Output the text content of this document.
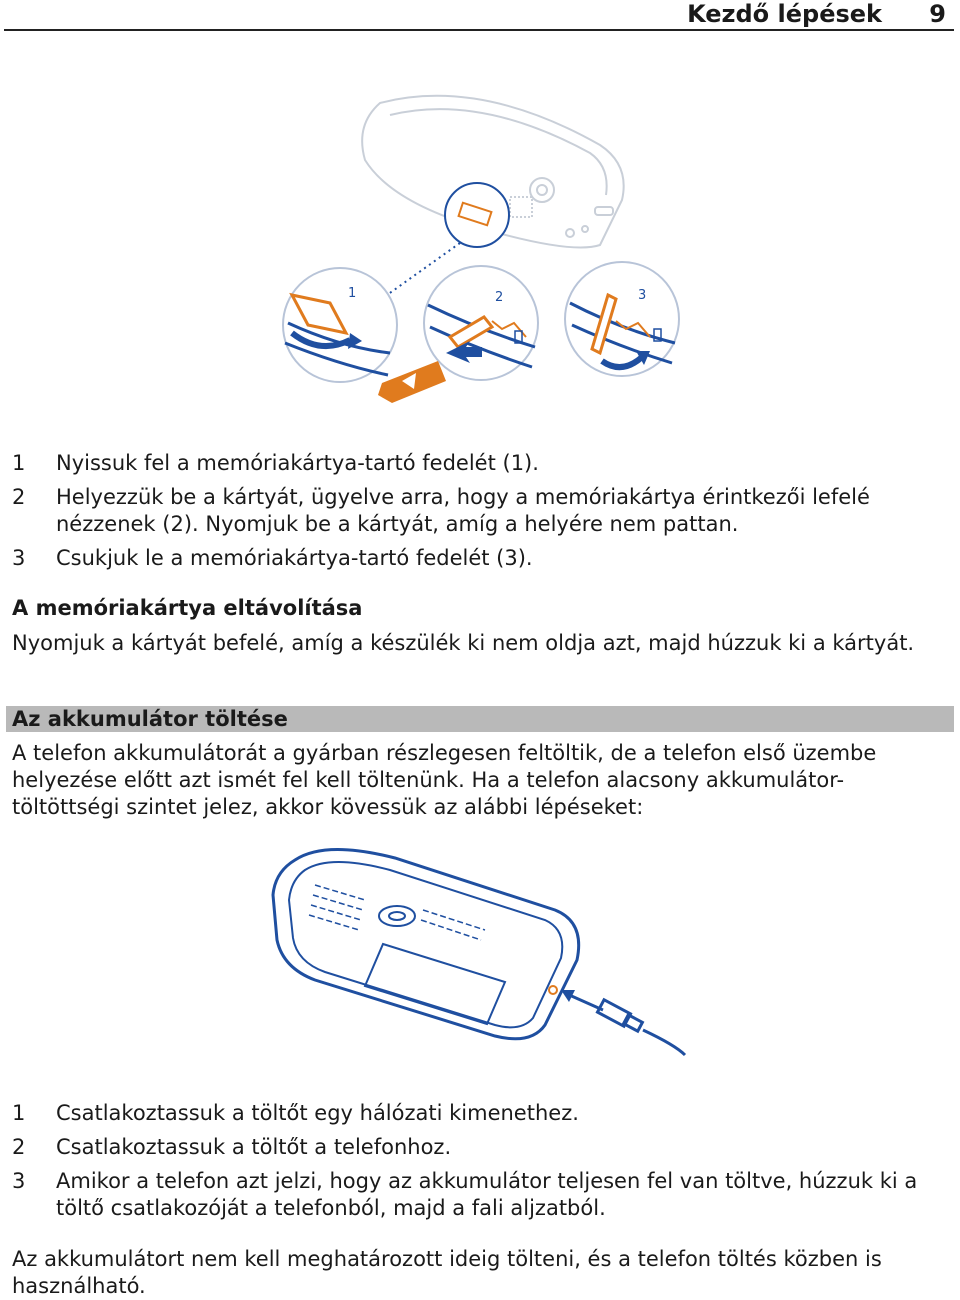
Kezdő lépések 9
1	2	3
1 Nyissuk fel a memóriakártya-tartó fedelét (1).
2 Helyezzük be a kártyát, ügyelve arra, hogy a memóriakártya érintkezői lefelé nézzenek (2). Nyomjuk be a kártyát, amíg a helyére nem pattan.
3 Csukjuk le a memóriakártya-tartó fedelét (3).
A memóriakártya eltávolítása
Nyomjuk a kártyát befelé, amíg a készülék ki nem oldja azt, majd húzzuk ki a kártyát.
Az akkumulátor töltése
A telefon akkumulátorát a gyárban részlegesen feltöltik, de a telefon első üzembe helyezése előtt azt ismét fel kell töltenünk. Ha a telefon alacsony akkumulátor-töltöttségi szintet jelez, akkor kövessük az alábbi lépéseket:
1 Csatlakoztassuk a töltőt egy hálózati kimenethez.
2 Csatlakoztassuk a töltőt a telefonhoz.
3 Amikor a telefon azt jelzi, hogy az akkumulátor teljesen fel van töltve, húzzuk ki a töltő csatlakozóját a telefonból, majd a fali aljzatból.
Az akkumulátort nem kell meghatározott ideig tölteni, és a telefon töltés közben is használható.
